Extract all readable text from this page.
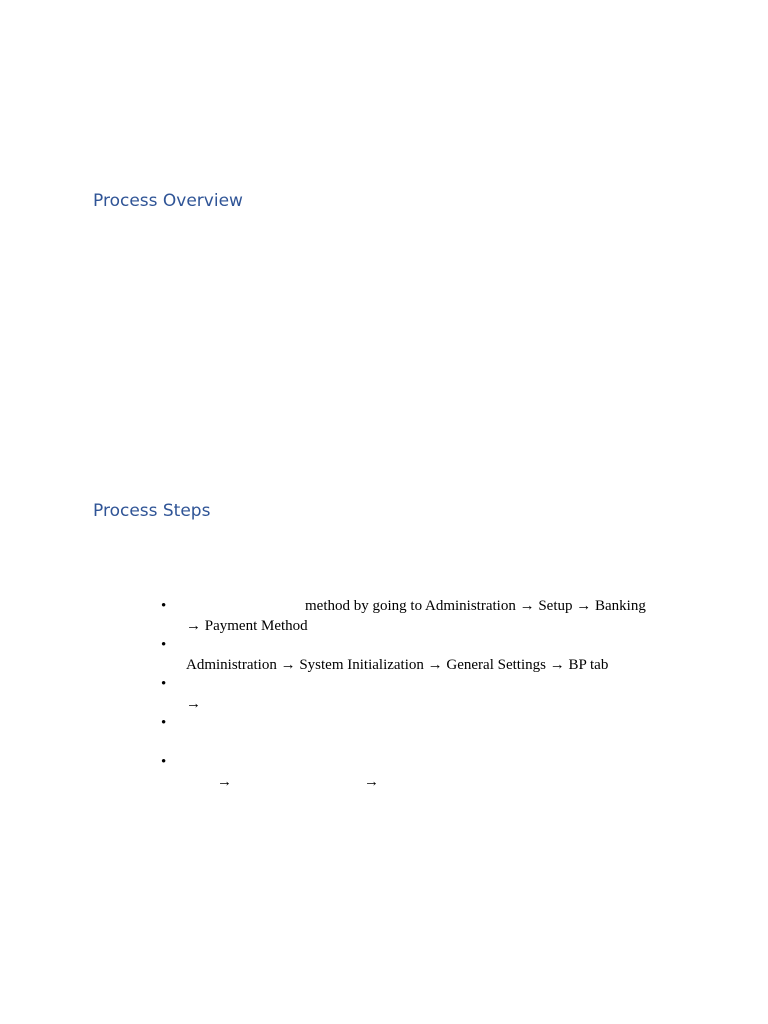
Process Overview
Process Steps
•	method by going to Administration → Setup → Banking
→ Payment Method
•
Administration → System Initialization → General Settings → BP tab
•
→
•
•
→	→
